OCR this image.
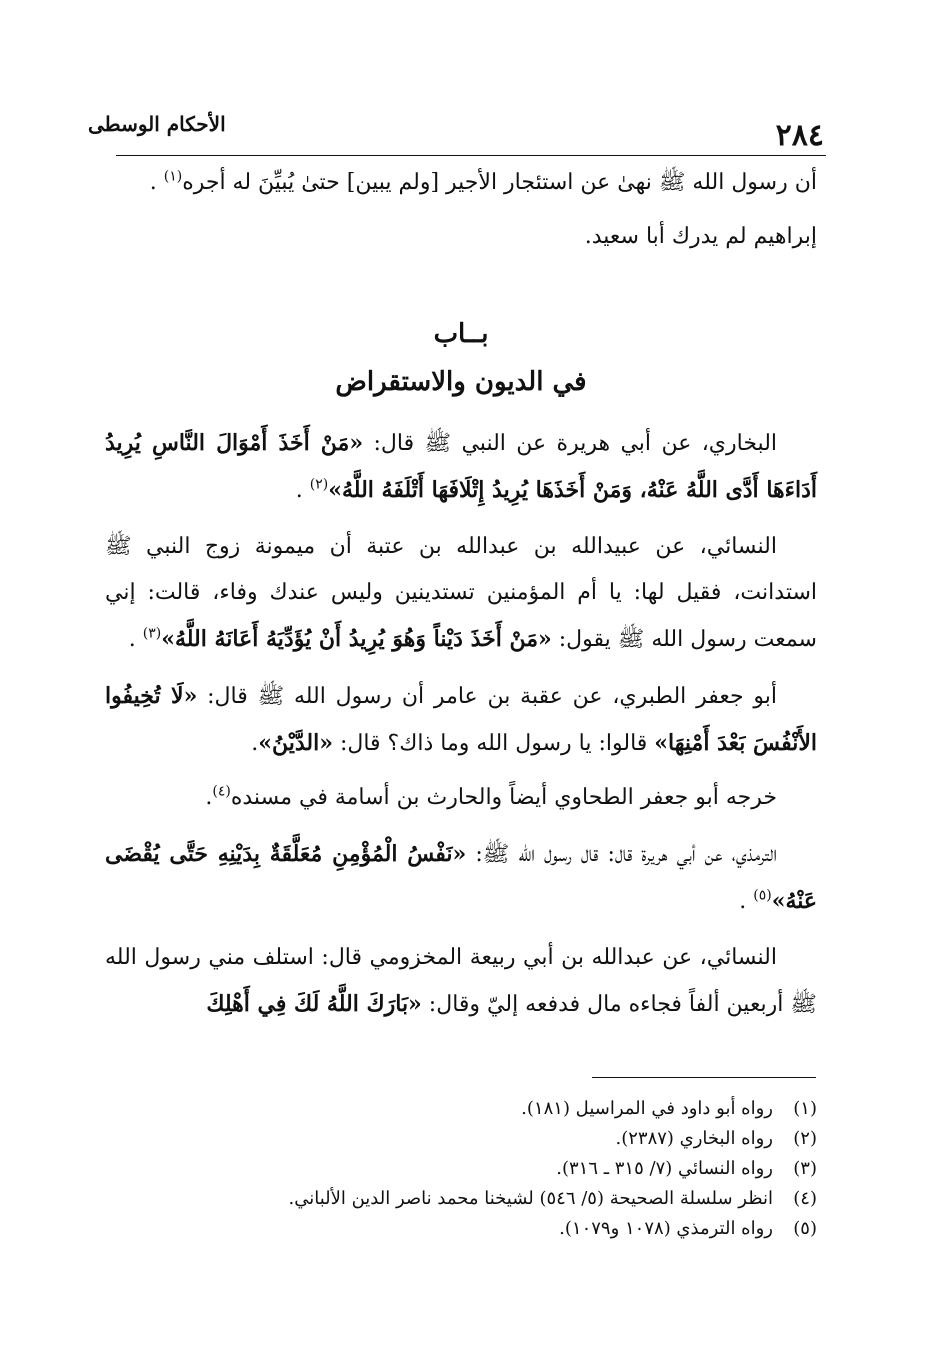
الأحكام الوسطى	٢٨٤

أن رسول الله ﷺ نهىٰ عن استئجار الأجير [ولم يبين] حتىٰ يُبيِّنَ له أجره$^{(١)}$ .

إبراهيم لم يدرك أبا سعيد.

بــاب
في الديون والاستقراض

البخاري، عن أبي هريرة عن النبي ﷺ قال: «مَنْ أَخَذَ أَمْوَالَ النَّاسِ يُرِيدُ أَدَاءَهَا أَدَّى اللَّهُ عَنْهُ، وَمَنْ أَخَذَهَا يُرِيدُ إِتْلَافَهَا أَتْلَفَهُ اللَّهُ»$^{(٢)}$ .

النسائي، عن عبيدالله بن عبدالله بن عتبة أن ميمونة زوج النبي ﷺ استدانت، فقيل لها: يا أم المؤمنين تستدينين وليس عندك وفاء، قالت: إني سمعت رسول الله ﷺ يقول: «مَنْ أَخَذَ دَيْناً وَهُوَ يُرِيدُ أَنْ يُؤَدِّيَهُ أَعَانَهُ اللَّهُ»$^{(٣)}$ .

أبو جعفر الطبري، عن عقبة بن عامر أن رسول الله ﷺ قال: «لَا تُخِيفُوا الأَنْفُسَ بَعْدَ أَمْنِهَا» قالوا: يا رسول الله وما ذاك؟ قال: «الدَّيْنُ».

خرجه أبو جعفر الطحاوي أيضاً والحارث بن أسامة في مسنده$^{(٤)}$.

الترمذي، عن أبي هريرة قال: قال رسول الله ﷺ: «نَفْسُ الْمُؤْمِنِ مُعَلَّقَةٌ بِدَيْنِهِ حَتَّى يُقْضَى عَنْهُ»$^{(٥)}$ .

النسائي، عن عبدالله بن أبي ربيعة المخزومي قال: استلف مني رسول الله ﷺ أربعين ألفاً فجاءه مال فدفعه إليّ وقال: «بَارَكَ اللَّهُ لَكَ فِي أَهْلِكَ

(١)رواه أبو داود في المراسيل (١٨١).

(٢)رواه البخاري (٢٣٨٧).

(٣)رواه النسائي (٧/ ٣١٥ ـ ٣١٦).

(٤)انظر سلسلة الصحيحة (٥/ ٥٤٦) لشيخنا محمد ناصر الدين الألباني.

(٥)رواه الترمذي (١٠٧٨ و١٠٧٩).
